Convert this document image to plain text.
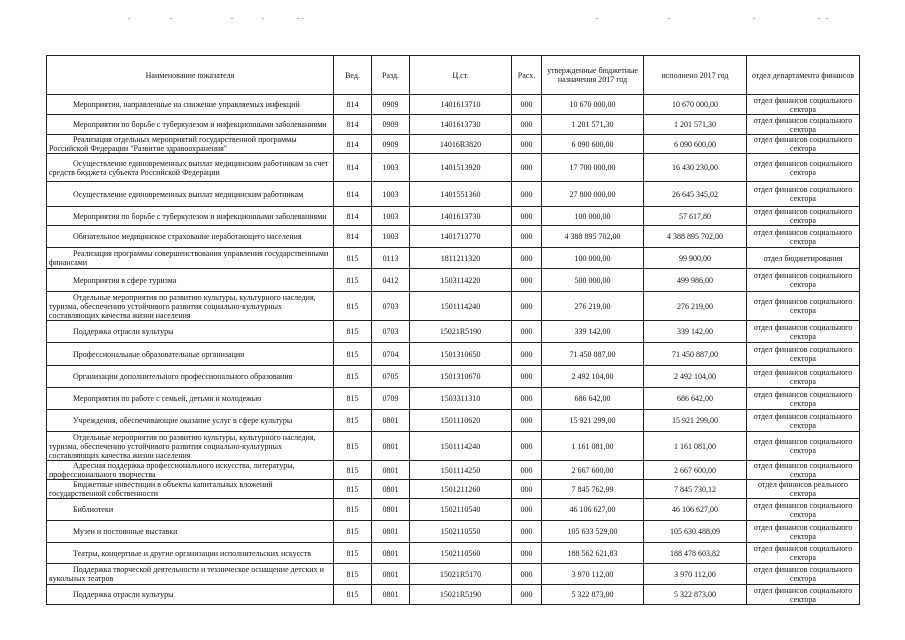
Наименование показателя	Вед.	Разд.	Ц.ст.	Расх.	утвержденные бюджетные назначения 2017 год	исполнено 2017 год	отдел департамента финансов
Мероприятия, направленные на снижение управляемых инфекций	814	0909	1401613710	000	10 670 000,00	10 670 000,00	отдел финансов социального сектора
Мероприятия по борьбе с туберкулезом и инфекционными заболеваниями	814	0909	1401613730	000	1 201 571,30	1 201 571,30	отдел финансов социального сектора
Реализация отдельных мероприятий государственной программы Российской Федерации "Развитие здравоохранения"	814	0909	14016R3820	000	6 090 600,00	6 090 600,00	отдел финансов социального сектора
Осуществление единовременных выплат медицинским работникам за счет средств бюджета субъекта Российской Федерации	814	1003	1401513920	000	17 700 000,00	16 430 230,00	отдел финансов социального сектора
Осуществление единовременных выплат медицинским работникам	814	1003	1401551360	000	27 800 000,00	26 645 345,02	отдел финансов социального сектора
Мероприятия по борьбе с туберкулезом и инфекционными заболеваниями	814	1003	1401613730	000	100 000,00	57 617,80	отдел финансов социального сектора
Обязательное медицинское страхование неработающего населения	814	1003	1401713770	000	4 388 895 702,00	4 388 895 702,00	отдел финансов социального сектора
Реализация программы совершенствования управления государственными финансами	815	0113	1811211320	000	100 000,00	99 900,00	отдел бюджетирования
Мероприятия в сфере туризма	815	0412	1503114220	000	500 000,00	499 986,00	отдел финансов социального сектора
Отдельные мероприятия по развитию культуры, культурного наследия, туризма, обеспечению устойчивого развития социально-культурных составляющих качества жизни населения	815	0703	1501114240	000	276 219,00	276 219,00	отдел финансов социального сектора
Поддержка отрасли культуры	815	0703	15021R5190	000	339 142,00	339 142,00	отдел финансов социального сектора
Профессиональные образовательные организации	815	0704	1501310650	000	71 450 887,00	71 450 887,00	отдел финансов социального сектора
Организации дополнительного профессионального образования	815	0705	1501310670	000	2 492 104,00	2 492 104,00	отдел финансов социального сектора
Мероприятия по работе с семьей, детьми и молодежью	815	0709	1503311310	000	686 642,00	686 642,00	отдел финансов социального сектора
Учреждения, обеспечивающие оказание услуг в сфере культуры	815	0801	1501110620	000	15 921 299,00	15 921 299,00	отдел финансов социального сектора
Отдельные мероприятия по развитию культуры, культурного наследия, туризма, обеспечению устойчивого развития социально-культурных составляющих качества жизни населения	815	0801	1501114240	000	1 161 081,00	1 161 081,00	отдел финансов социального сектора
Адресная поддержка профессионального искусства, литературы, профессионального творчества	815	0801	1501114250	000	2 667 600,00	2 667 600,00	отдел финансов социального сектора
Бюджетные инвестиции в объекты капитальных вложений государственной собственности	815	0801	1501211260	000	7 845 762,99	7 845 730,12	отдел финансов реального сектора
Библиотеки	815	0801	1502110540	000	46 106 627,00	46 106 627,00	отдел финансов социального сектора
Музеи и постоянные выставки	815	0801	1502110550	000	105 633 529,00	105 630 488,09	отдел финансов социального сектора
Театры, концертные и другие организации исполнительских искусств	815	0801	1502110560	000	188 562 621,83	188 478 603,82	отдел финансов социального сектора
Поддержка творческой деятельности и техническое оснащение детских и кукольных театров	815	0801	15021R5170	000	3 970 112,00	3 970 112,00	отдел финансов социального сектора
Поддержка отрасли культуры	815	0801	15021R5190	000	5 322 873,00	5 322 873,00	отдел финансов социального сектора
